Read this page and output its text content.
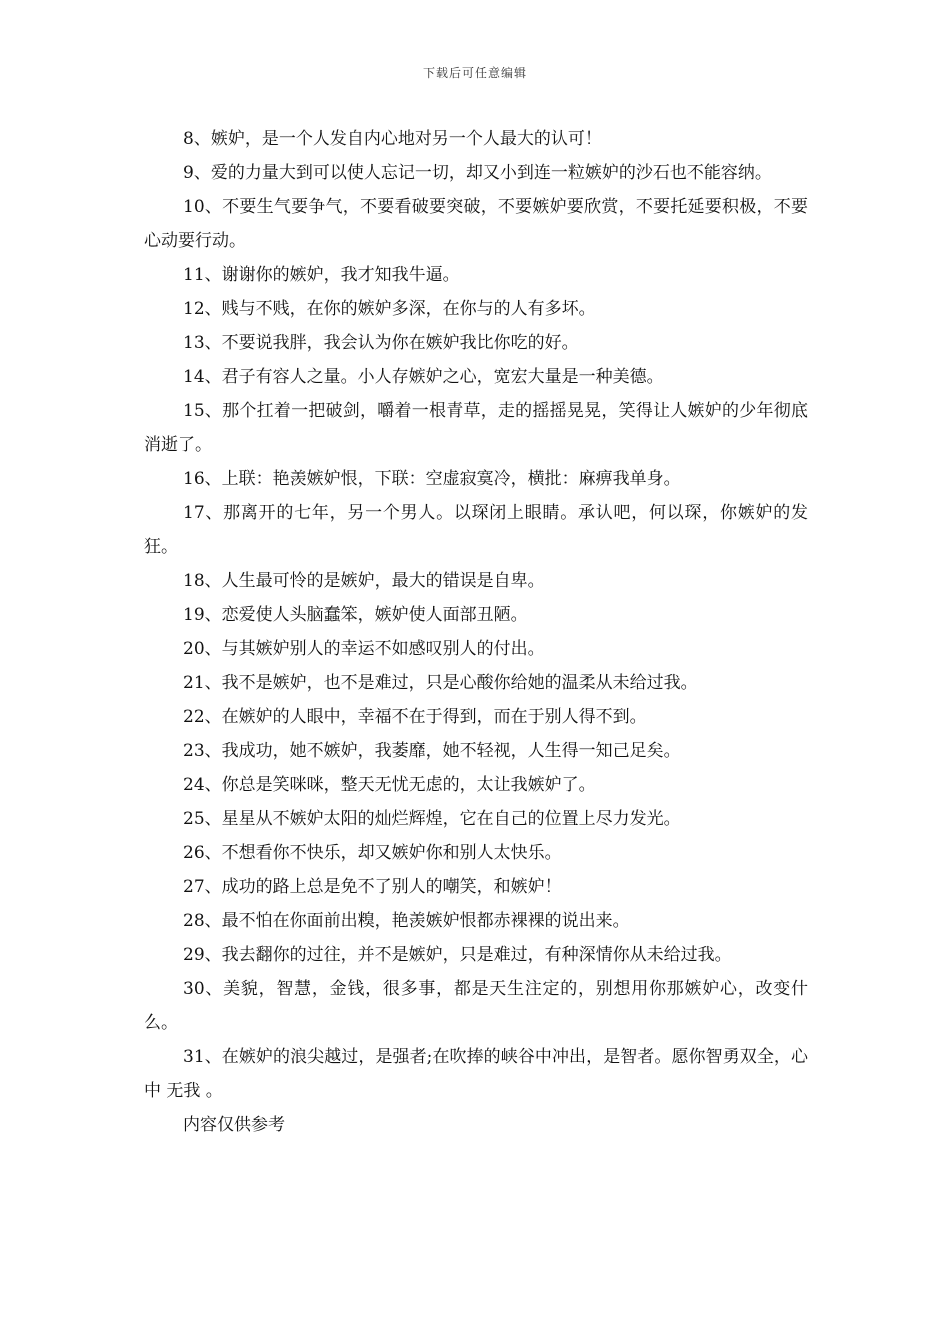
下载后可任意编辑

8、嫉妒，是一个人发自内心地对另一个人最大的认可！

9、爱的力量大到可以使人忘记一切，却又小到连一粒嫉妒的沙石也不能容纳。

10、不要生气要争气，不要看破要突破，不要嫉妒要欣赏，不要托延要积极，不要心动要行动。

11、谢谢你的嫉妒，我才知我牛逼。

12、贱与不贱，在你的嫉妒多深，在你与的人有多坏。

13、不要说我胖，我会认为你在嫉妒我比你吃的好。

14、君子有容人之量。小人存嫉妒之心，宽宏大量是一种美德。

15、那个扛着一把破剑，嚼着一根青草，走的摇摇晃晃，笑得让人嫉妒的少年彻底消逝了。

16、上联：艳羡嫉妒恨，下联：空虚寂寞冷，横批：麻痹我单身。

17、那离开的七年，另一个男人。以琛闭上眼睛。承认吧，何以琛，你嫉妒的发狂。

18、人生最可怜的是嫉妒，最大的错误是自卑。

19、恋爱使人头脑蠢笨，嫉妒使人面部丑陋。

20、与其嫉妒别人的幸运不如感叹别人的付出。

21、我不是嫉妒，也不是难过，只是心酸你给她的温柔从未给过我。

22、在嫉妒的人眼中，幸福不在于得到，而在于别人得不到。

23、我成功，她不嫉妒，我萎靡，她不轻视，人生得一知己足矣。

24、你总是笑咪咪，整天无忧无虑的，太让我嫉妒了。

25、星星从不嫉妒太阳的灿烂辉煌，它在自己的位置上尽力发光。

26、不想看你不快乐，却又嫉妒你和别人太快乐。

27、成功的路上总是免不了别人的嘲笑，和嫉妒！

28、最不怕在你面前出糗，艳羡嫉妒恨都赤裸裸的说出来。

29、我去翻你的过往，并不是嫉妒，只是难过，有种深情你从未给过我。

30、美貌，智慧，金钱，很多事，都是天生注定的，别想用你那嫉妒心，改变什么。

31、在嫉妒的浪尖越过，是强者;在吹捧的峡谷中冲出，是智者。愿你智勇双全，心中 无我 。

内容仅供参考
